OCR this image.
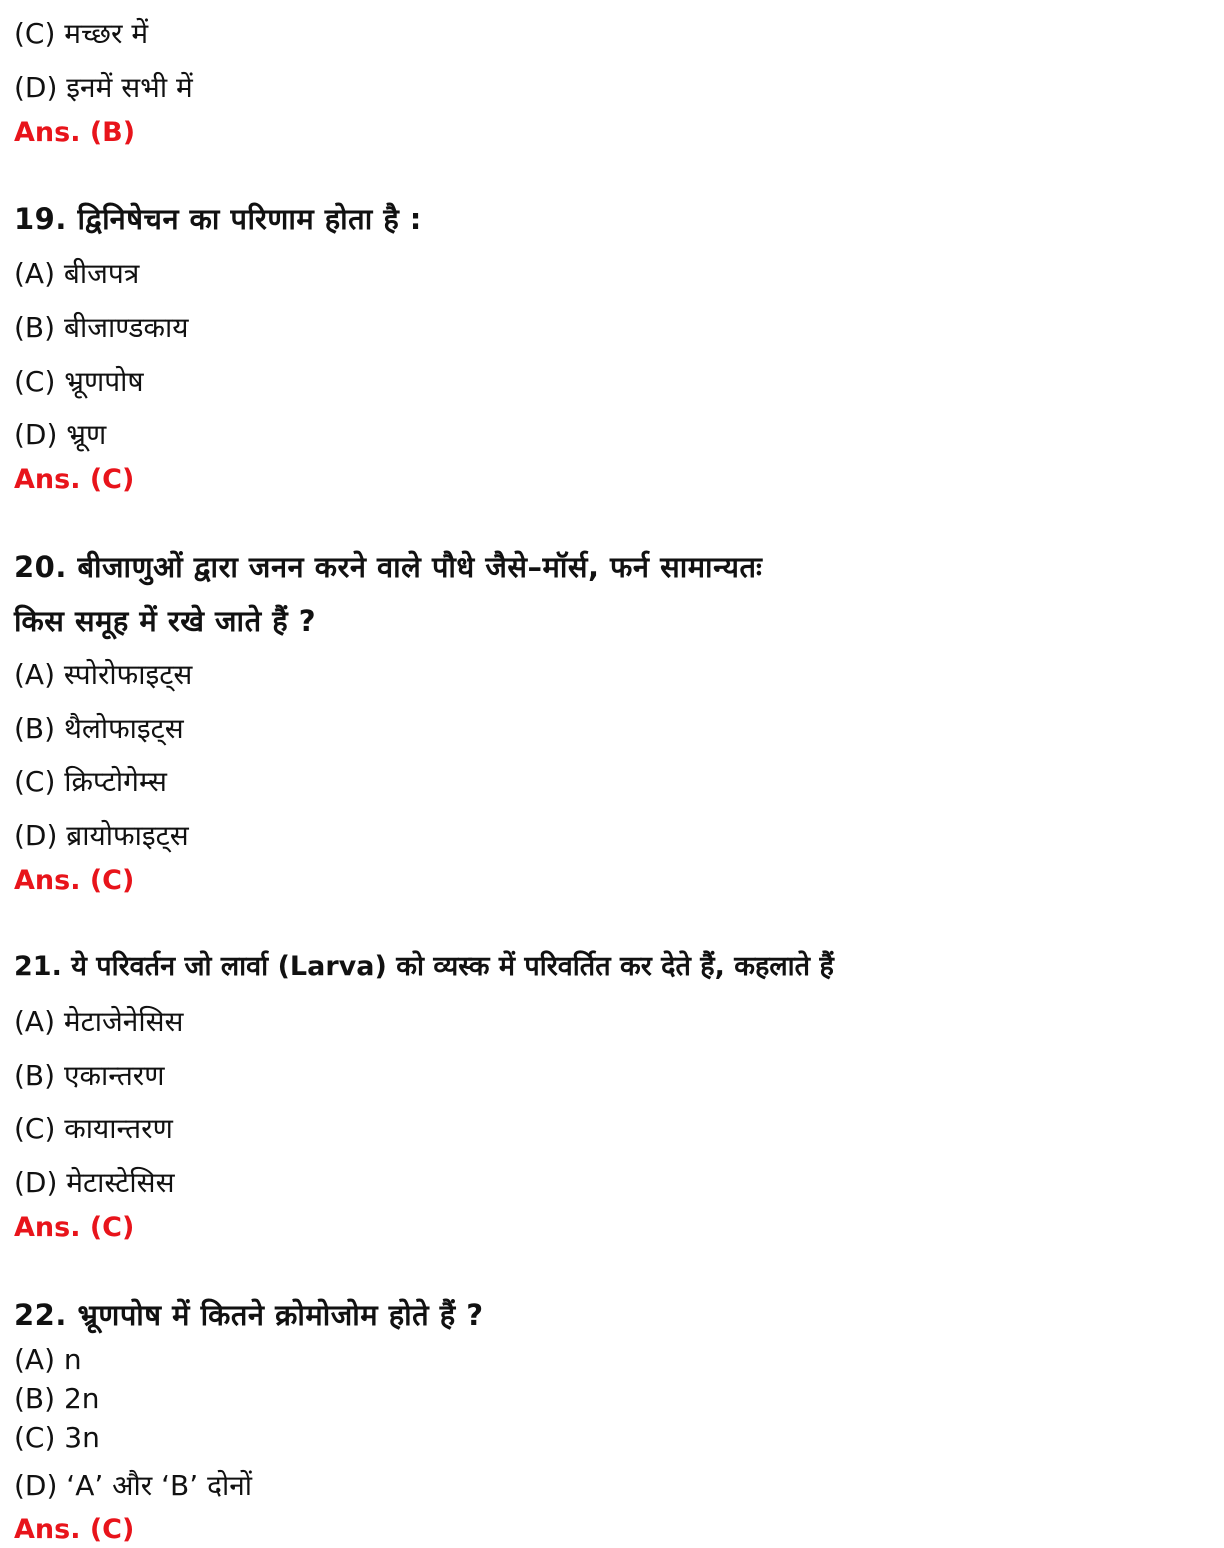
(C) मच्छर में
(D) इनमें सभी में
Ans. (B)
19. द्विनिषेचन का परिणाम होता है :
(A) बीजपत्र
(B) बीजाण्डकाय
(C) भ्रूणपोष
(D) भ्रूण
Ans. (C)
20. बीजाणुओं द्वारा जनन करने वाले पौधे जैसे–मॉर्स, फर्न सामान्यतः
किस समूह में रखे जाते हैं ?
(A) स्पोरोफाइट्स
(B) थैलोफाइट्स
(C) क्रिप्टोगेम्स
(D) ब्रायोफाइट्स
Ans. (C)
21. ये परिवर्तन जो लार्वा (Larva) को व्यस्क में परिवर्तित कर देते हैं, कहलाते हैं
(A) मेटाजेनेसिस
(B) एकान्तरण
(C) कायान्तरण
(D) मेटास्टेसिस
Ans. (C)
22. भ्रूणपोष में कितने क्रोमोजोम होते हैं ?
(A) n
(B) 2n
(C) 3n
(D) ‘A’ और ‘B’ दोनों
Ans. (C)
